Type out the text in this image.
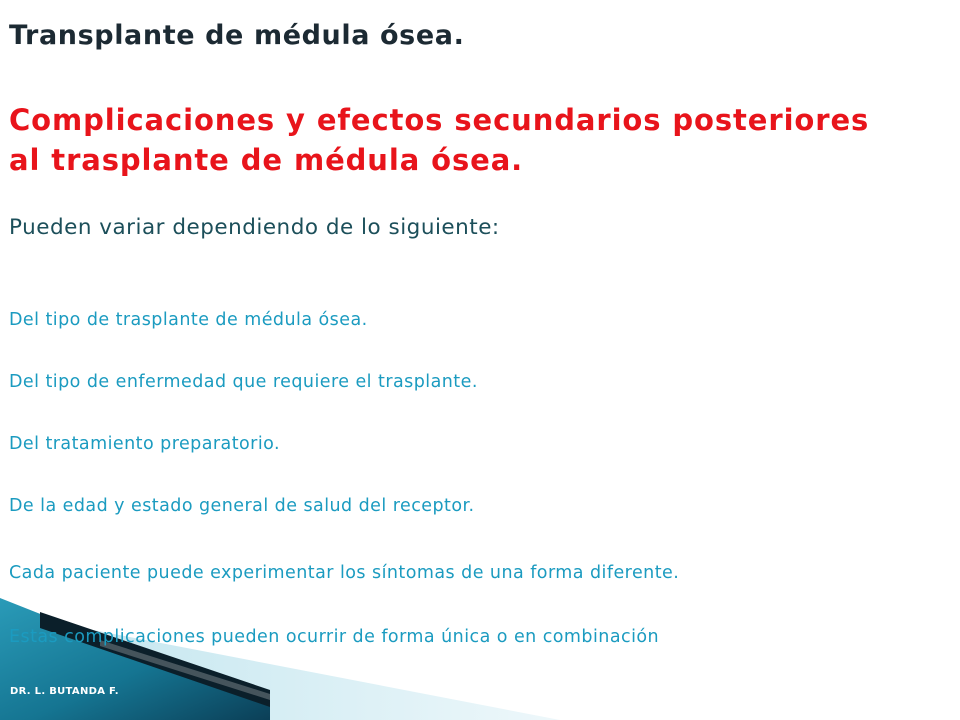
Transplante de médula ósea.
Complicaciones y efectos secundarios posteriores
al trasplante de médula ósea.

Pueden variar dependiendo de lo siguiente:

Del tipo de trasplante de médula ósea.

Del tipo de enfermedad que requiere el trasplante.

Del tratamiento preparatorio.

De la edad y estado general de salud del receptor.

Cada paciente puede experimentar los síntomas de una forma diferente.

Estas complicaciones pueden ocurrir de forma única o en combinación

DR. L. BUTANDA F.
